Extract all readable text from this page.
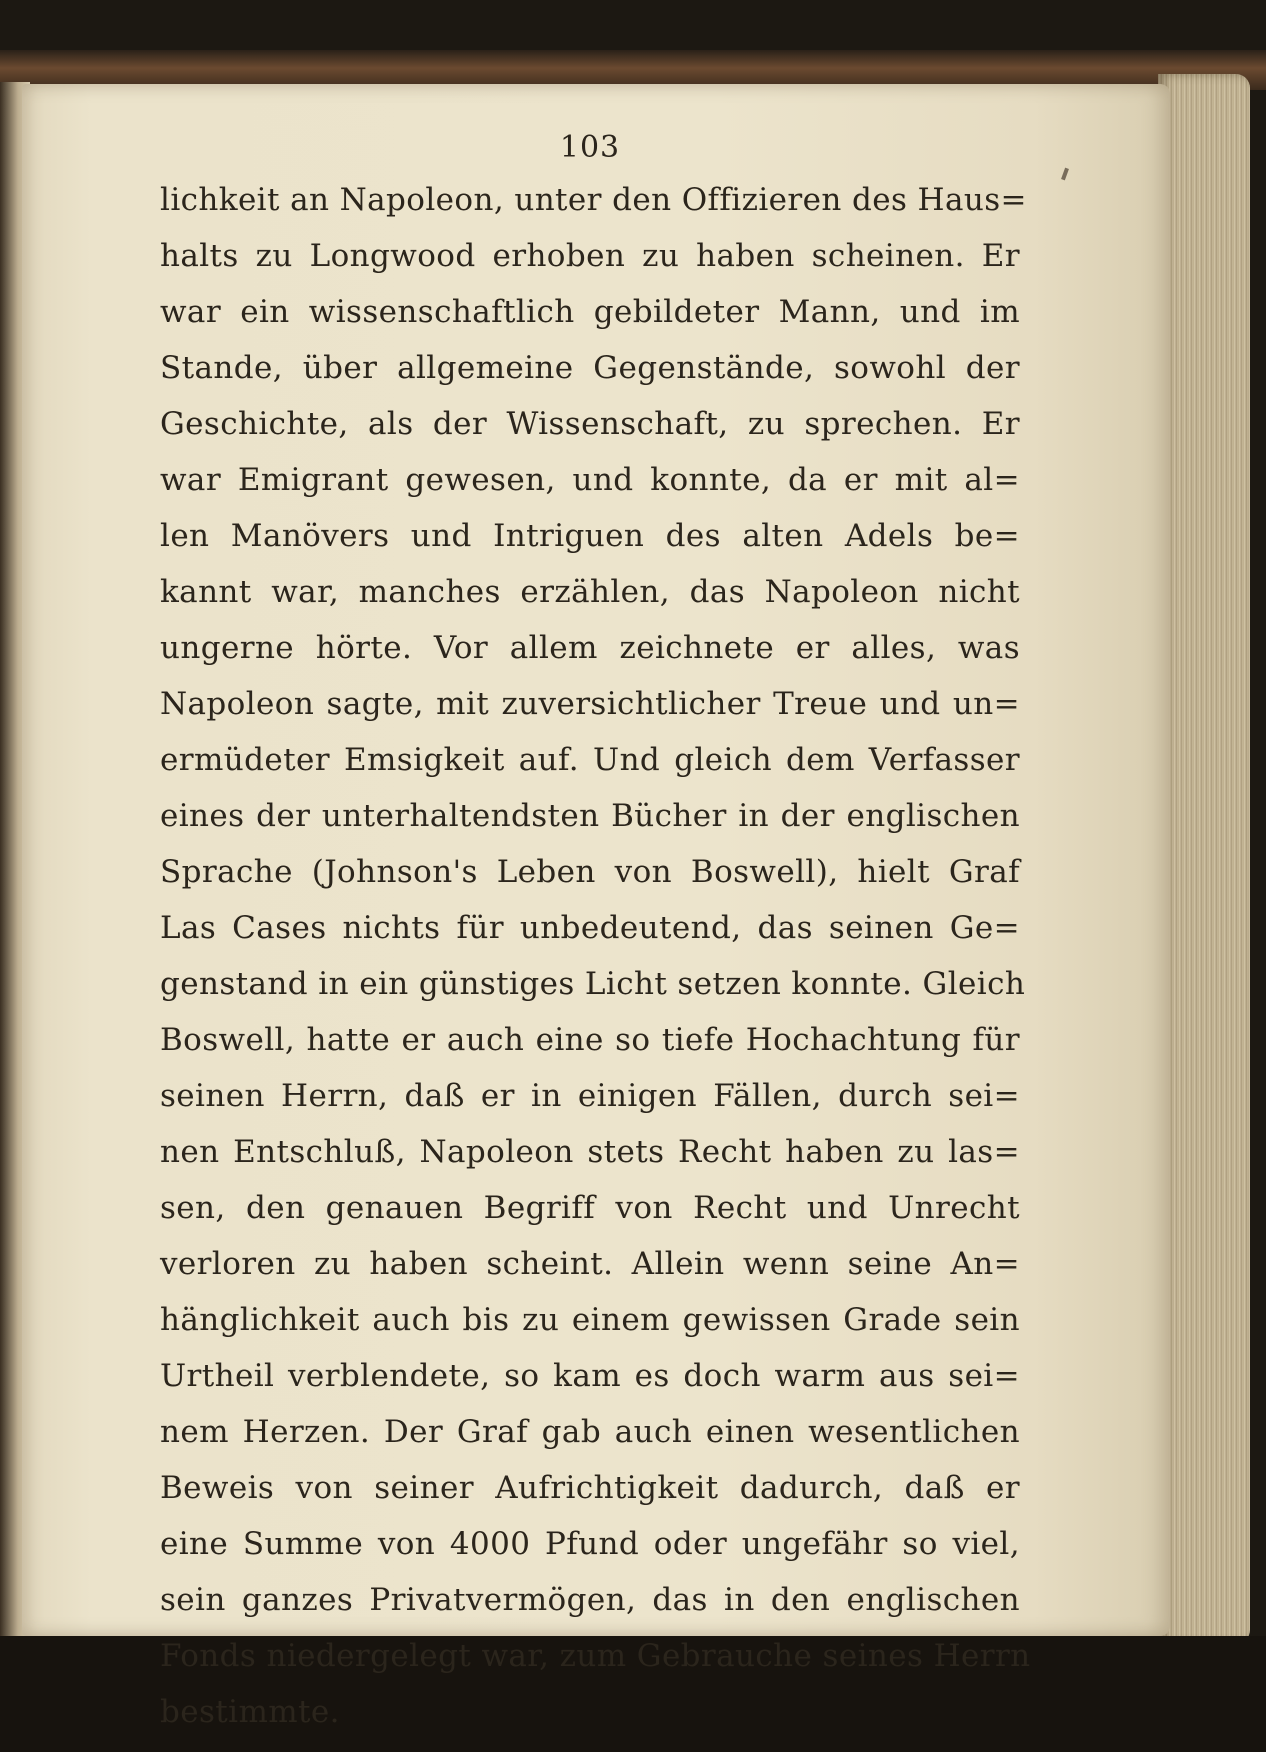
103
lichkeit an Napoleon, unter den Offizieren des Haus=
halts zu Longwood erhoben zu haben scheinen. Er
war ein wissenschaftlich gebildeter Mann, und im
Stande, über allgemeine Gegenstände, sowohl der
Geschichte, als der Wissenschaft, zu sprechen. Er
war Emigrant gewesen, und konnte, da er mit al=
len Manövers und Intriguen des alten Adels be=
kannt war, manches erzählen, das Napoleon nicht
ungerne hörte. Vor allem zeichnete er alles, was
Napoleon sagte, mit zuversichtlicher Treue und un=
ermüdeter Emsigkeit auf. Und gleich dem Verfasser
eines der unterhaltendsten Bücher in der englischen
Sprache (Johnson's Leben von Boswell), hielt Graf
Las Cases nichts für unbedeutend, das seinen Ge=
genstand in ein günstiges Licht setzen konnte. Gleich
Boswell, hatte er auch eine so tiefe Hochachtung für
seinen Herrn, daß er in einigen Fällen, durch sei=
nen Entschluß, Napoleon stets Recht haben zu las=
sen, den genauen Begriff von Recht und Unrecht
verloren zu haben scheint. Allein wenn seine An=
hänglichkeit auch bis zu einem gewissen Grade sein
Urtheil verblendete, so kam es doch warm aus sei=
nem Herzen. Der Graf gab auch einen wesentlichen
Beweis von seiner Aufrichtigkeit dadurch, daß er
eine Summe von 4000 Pfund oder ungefähr so viel,
sein ganzes Privatvermögen, das in den englischen
Fonds niedergelegt war, zum Gebrauche seines Herrn
bestimmte.
